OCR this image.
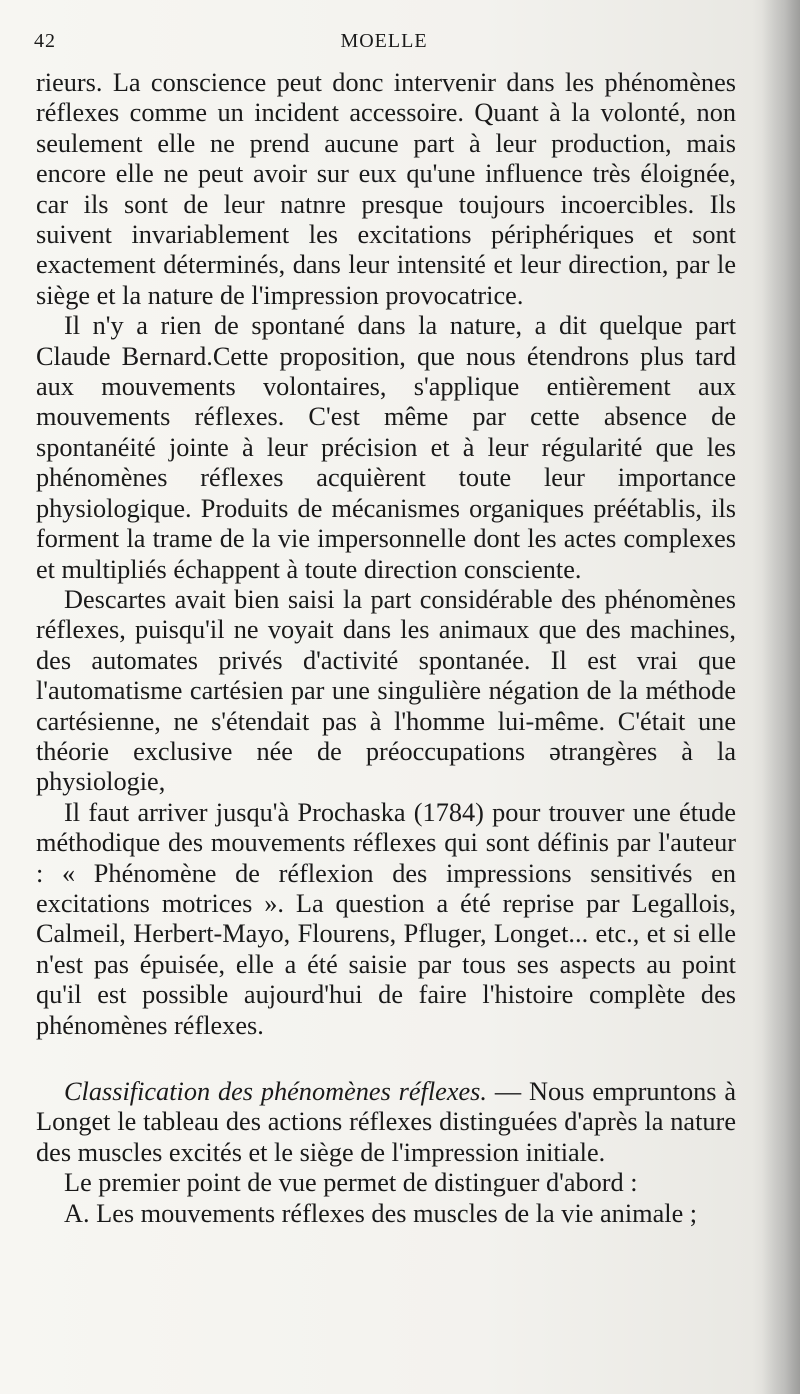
42	MOELLE

rieurs. La conscience peut donc intervenir dans les phénomènes réflexes comme un incident accessoire. Quant à la volonté, non seulement elle ne prend aucune part à leur production, mais encore elle ne peut avoir sur eux qu'une influence très éloignée, car ils sont de leur natnre presque toujours incoercibles. Ils suivent invariablement les excitations périphériques et sont exactement déterminés, dans leur intensité et leur direction, par le siège et la nature de l'impression provocatrice.

Il n'y a rien de spontané dans la nature, a dit quelque part Claude Bernard.Cette proposition, que nous étendrons plus tard aux mouvements volontaires, s'applique entièrement aux mouvements réflexes. C'est même par cette absence de spontanéité jointe à leur précision et à leur régularité que les phénomènes réflexes acquièrent toute leur importance physiologique. Produits de mécanismes organiques préétablis, ils forment la trame de la vie impersonnelle dont les actes complexes et multipliés échappent à toute direction consciente.

Descartes avait bien saisi la part considérable des phénomènes réflexes, puisqu'il ne voyait dans les animaux que des machines, des automates privés d'activité spontanée. Il est vrai que l'automatisme cartésien par une singulière négation de la méthode cartésienne, ne s'étendait pas à l'homme lui-même. C'était une théorie exclusive née de préoccupations ətrangères à la physiologie,

Il faut arriver jusqu'à Prochaska (1784) pour trouver une étude méthodique des mouvements réflexes qui sont définis par l'auteur : « Phénomène de réflexion des impressions sensitivés en excitations motrices ». La question a été reprise par Legallois, Calmeil, Herbert-Mayo, Flourens, Pfluger, Longet... etc., et si elle n'est pas épuisée, elle a été saisie par tous ses aspects au point qu'il est possible aujourd'hui de faire l'histoire complète des phénomènes réflexes.

Classification des phénomènes réflexes. — Nous empruntons à Longet le tableau des actions réflexes distinguées d'après la nature des muscles excités et le siège de l'impression initiale.

Le premier point de vue permet de distinguer d'abord :

A. Les mouvements réflexes des muscles de la vie animale ;
